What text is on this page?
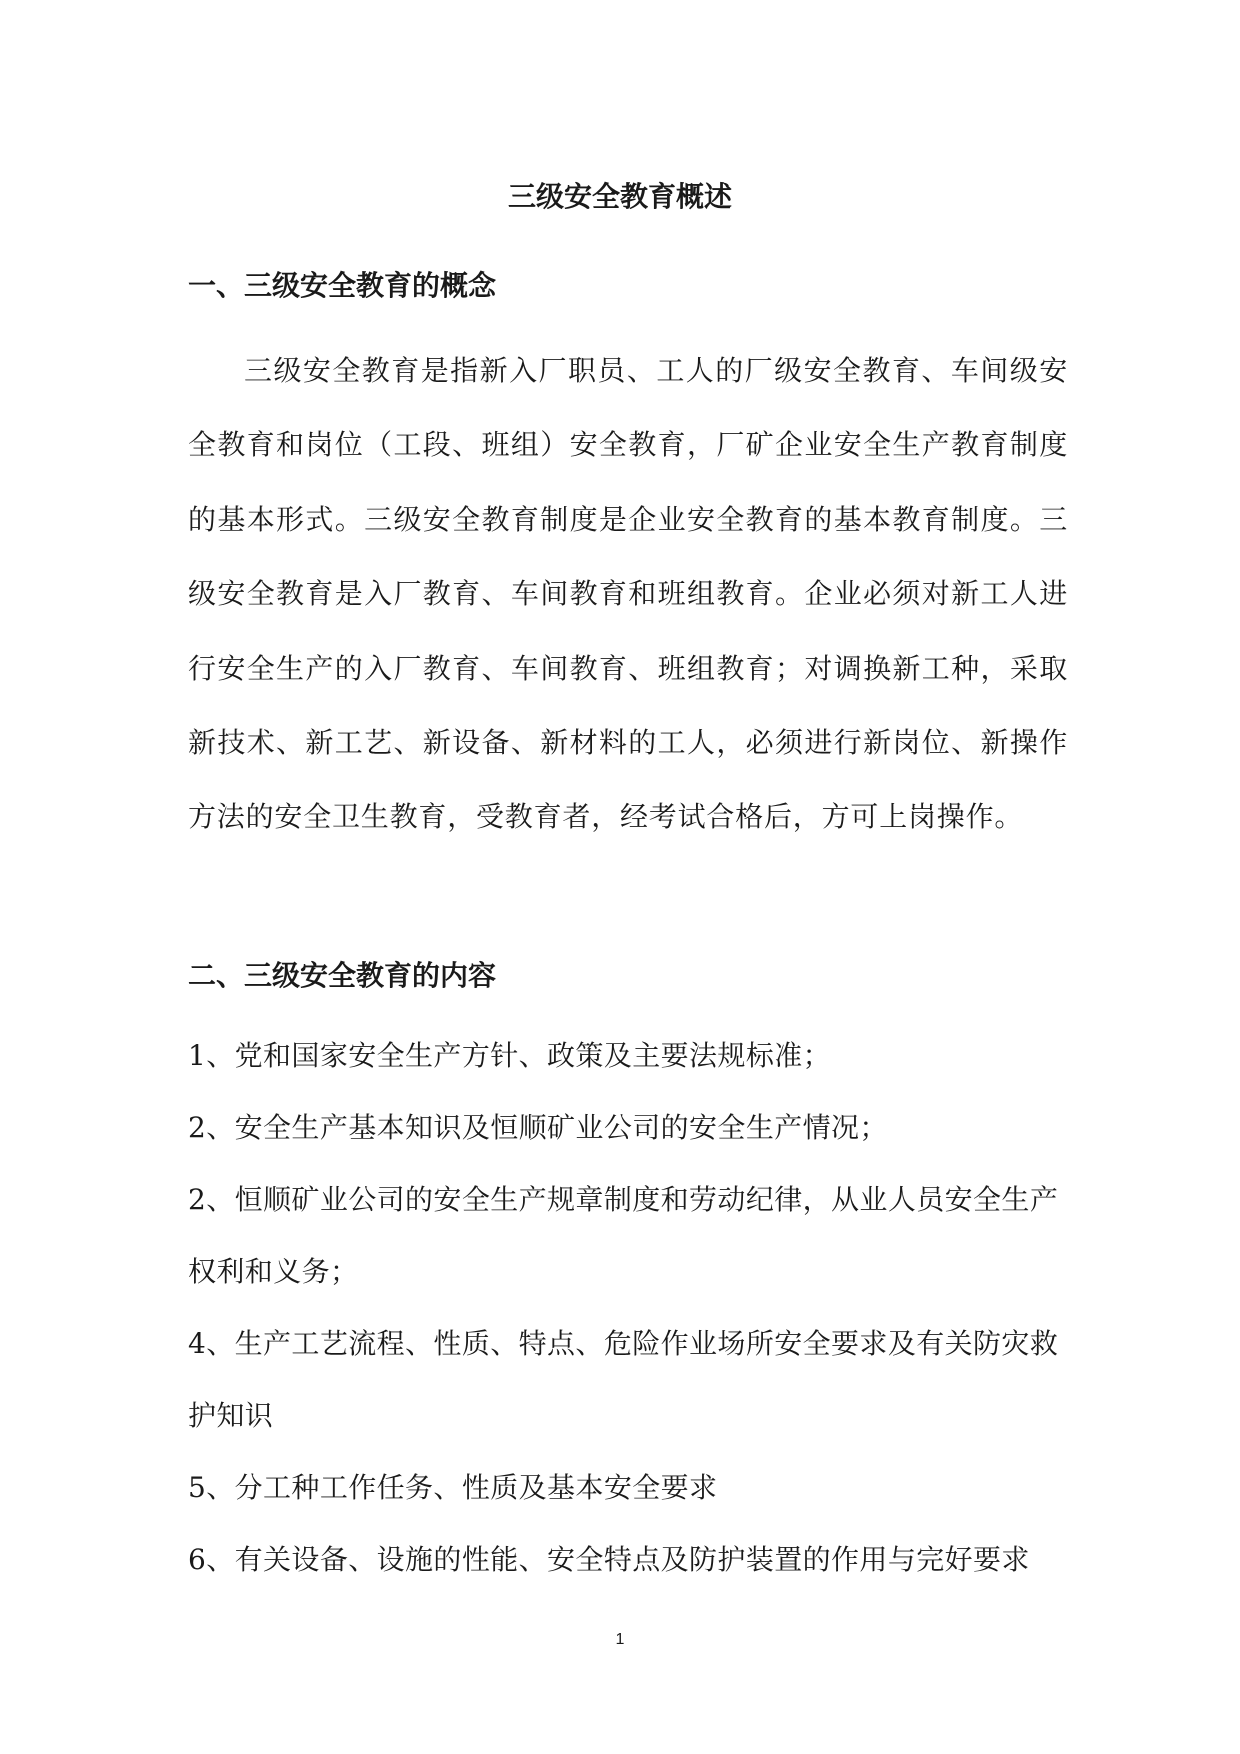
三级安全教育概述
一、三级安全教育的概念

三级安全教育是指新入厂职员、工人的厂级安全教育、车间级安全教育和岗位（工段、班组）安全教育，厂矿企业安全生产教育制度的基本形式。三级安全教育制度是企业安全教育的基本教育制度。三级安全教育是入厂教育、车间教育和班组教育。企业必须对新工人进行安全生产的入厂教育、车间教育、班组教育；对调换新工种，采取新技术、新工艺、新设备、新材料的工人，必须进行新岗位、新操作方法的安全卫生教育，受教育者，经考试合格后，方可上岗操作。

二、三级安全教育的内容
1、党和国家安全生产方针、政策及主要法规标准；
2、安全生产基本知识及恒顺矿业公司的安全生产情况；
2、恒顺矿业公司的安全生产规章制度和劳动纪律，从业人员安全生产权利和义务；
4、生产工艺流程、性质、特点、危险作业场所安全要求及有关防灾救护知识
5、分工种工作任务、性质及基本安全要求
6、有关设备、设施的性能、安全特点及防护装置的作用与完好要求
1
